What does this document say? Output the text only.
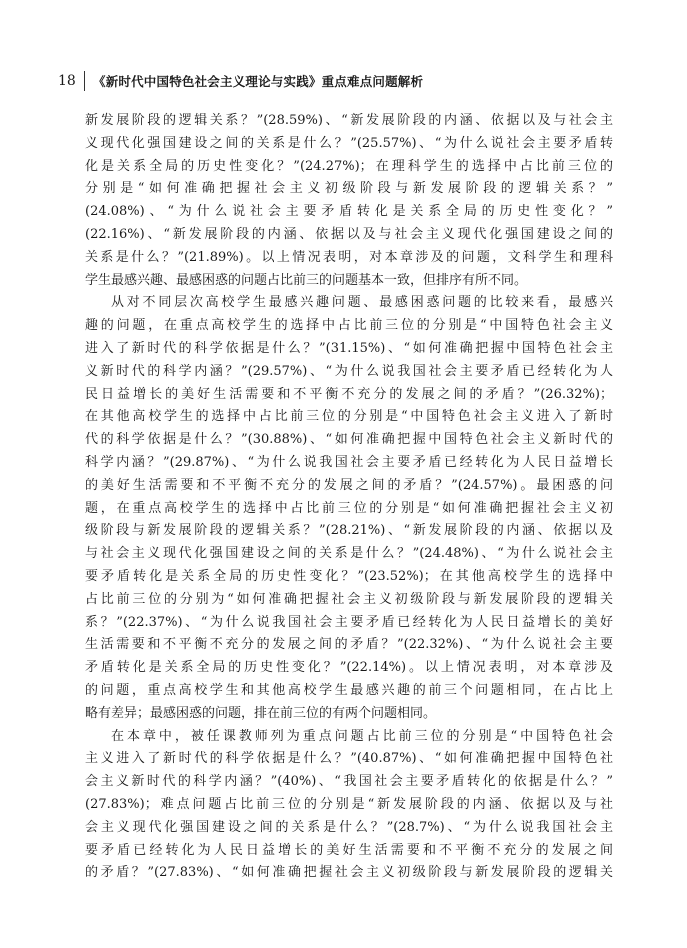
18	《新时代中国特色社会主义理论与实践》重点难点问题解析
新发展阶段的逻辑关系？”(28.59%)、“新发展阶段的内涵、依据以及与社会主
义现代化强国建设之间的关系是什么？”(25.57%)、“为什么说社会主要矛盾转
化是关系全局的历史性变化？”(24.27%)；在理科学生的选择中占比前三位的
分别是“如何准确把握社会主义初级阶段与新发展阶段的逻辑关系？”
(24.08%)、“为什么说社会主要矛盾转化是关系全局的历史性变化？”
(22.16%)、“新发展阶段的内涵、依据以及与社会主义现代化强国建设之间的
关系是什么？”(21.89%)。以上情况表明，对本章涉及的问题，文科学生和理科
学生最感兴趣、最感困惑的问题占比前三的问题基本一致，但排序有所不同。
从对不同层次高校学生最感兴趣问题、最感困惑问题的比较来看，最感兴
趣的问题，在重点高校学生的选择中占比前三位的分别是“中国特色社会主义
进入了新时代的科学依据是什么？”(31.15%)、“如何准确把握中国特色社会主
义新时代的科学内涵？”(29.57%)、“为什么说我国社会主要矛盾已经转化为人
民日益增长的美好生活需要和不平衡不充分的发展之间的矛盾？”(26.32%)；
在其他高校学生的选择中占比前三位的分别是“中国特色社会主义进入了新时
代的科学依据是什么？”(30.88%)、“如何准确把握中国特色社会主义新时代的
科学内涵？”(29.87%)、“为什么说我国社会主要矛盾已经转化为人民日益增长
的美好生活需要和不平衡不充分的发展之间的矛盾？”(24.57%)。最困惑的问
题，在重点高校学生的选择中占比前三位的分别是“如何准确把握社会主义初
级阶段与新发展阶段的逻辑关系？”(28.21%)、“新发展阶段的内涵、依据以及
与社会主义现代化强国建设之间的关系是什么？”(24.48%)、“为什么说社会主
要矛盾转化是关系全局的历史性变化？”(23.52%)；在其他高校学生的选择中
占比前三位的分别为“如何准确把握社会主义初级阶段与新发展阶段的逻辑关
系？”(22.37%)、“为什么说我国社会主要矛盾已经转化为人民日益增长的美好
生活需要和不平衡不充分的发展之间的矛盾？”(22.32%)、“为什么说社会主要
矛盾转化是关系全局的历史性变化？”(22.14%)。以上情况表明，对本章涉及
的问题，重点高校学生和其他高校学生最感兴趣的前三个问题相同，在占比上
略有差异；最感困惑的问题，排在前三位的有两个问题相同。
在本章中，被任课教师列为重点问题占比前三位的分别是“中国特色社会
主义进入了新时代的科学依据是什么？”(40.87%)、“如何准确把握中国特色社
会主义新时代的科学内涵？”(40%)、“我国社会主要矛盾转化的依据是什么？”
(27.83%)；难点问题占比前三位的分别是“新发展阶段的内涵、依据以及与社
会主义现代化强国建设之间的关系是什么？”(28.7%)、“为什么说我国社会主
要矛盾已经转化为人民日益增长的美好生活需要和不平衡不充分的发展之间
的矛盾？”(27.83%)、“如何准确把握社会主义初级阶段与新发展阶段的逻辑关
